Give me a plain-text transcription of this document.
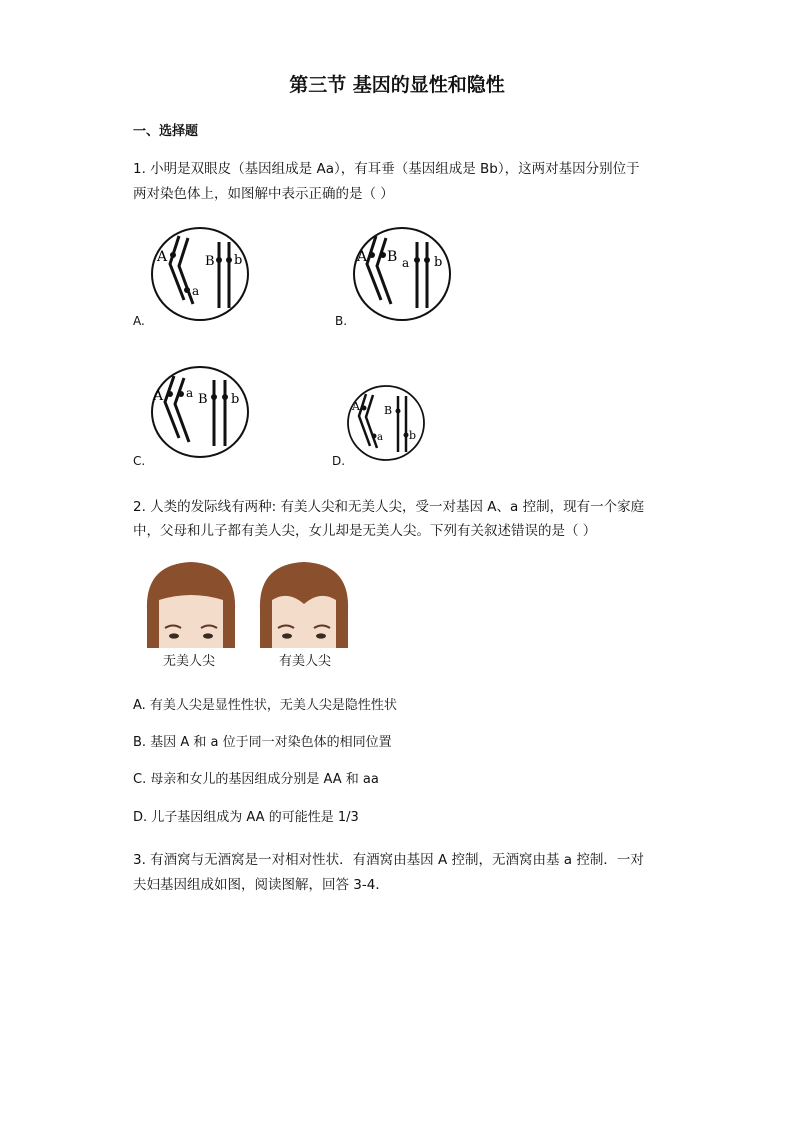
第三节 基因的显性和隐性
一、选择题
1. 小明是双眼皮（基因组成是 Aa），有耳垂（基因组成是 Bb），这两对基因分别位于
两对染色体上，如图解中表示正确的是（ ）
A
a
B b
A.
A B a b
B.
A a B b
C.
A B
a b
D.
2. 人类的发际线有两种: 有美人尖和无美人尖，受一对基因 A、a 控制，现有一个家庭
中，父母和儿子都有美人尖，女儿却是无美人尖。下列有关叙述错误的是（ ）
无美人尖	有美人尖
A. 有美人尖是显性性状，无美人尖是隐性性状
B. 基因 A 和 a 位于同一对染色体的相同位置
C. 母亲和女儿的基因组成分别是 AA 和 aa
D. 儿子基因组成为 AA 的可能性是 1/3
3. 有酒窝与无酒窝是一对相对性状．有酒窝由基因 A 控制，无酒窝由基 a 控制．一对
夫妇基因组成如图，阅读图解，回答 3-4．
